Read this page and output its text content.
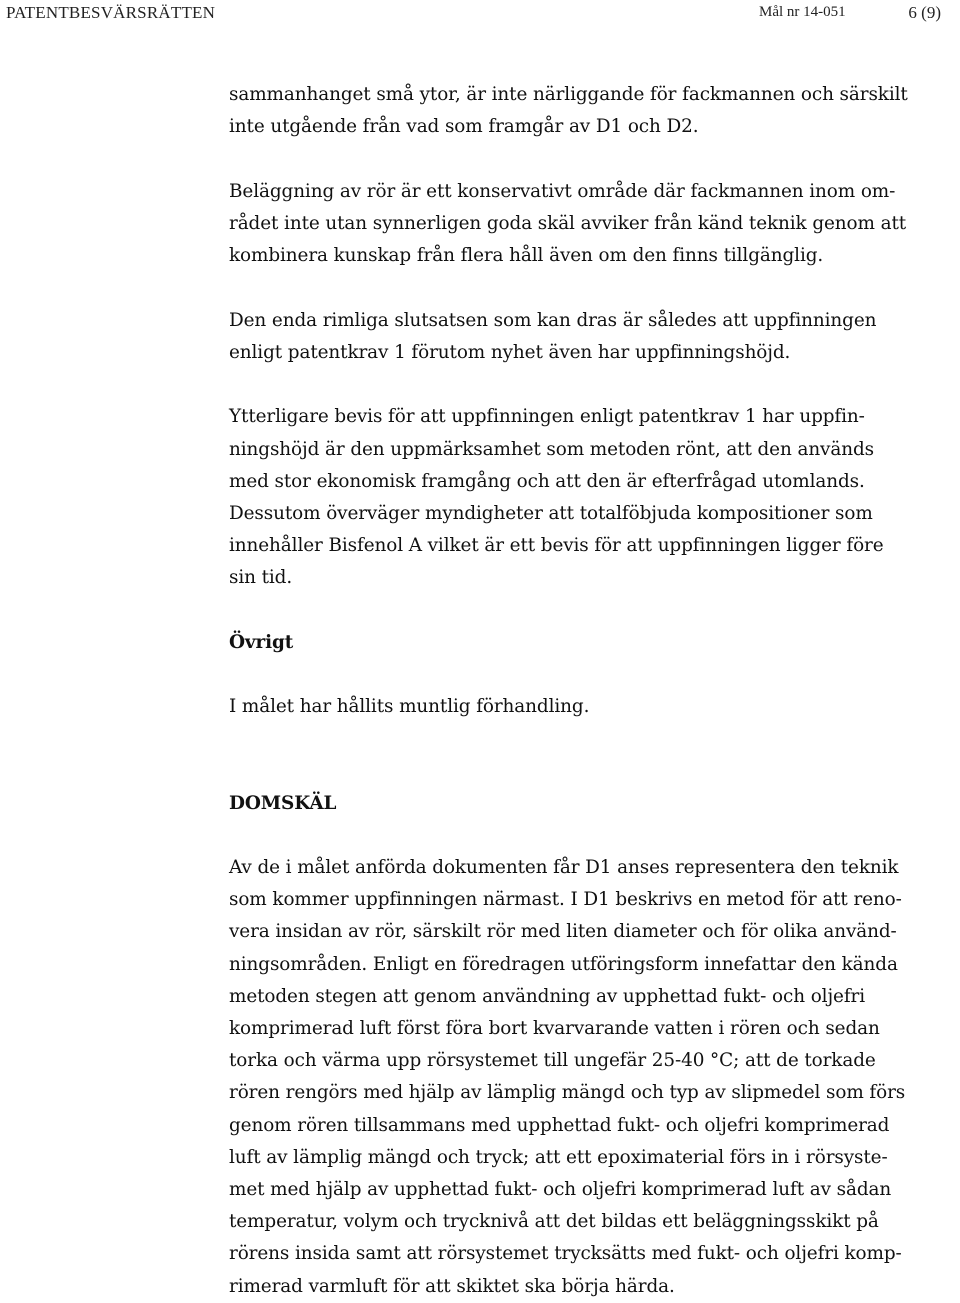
PATENTBESVÄRSRÄTTEN	Mål nr 14-051	6 (9)

sammanhanget små ytor, är inte närliggande för fackmannen och särskilt
inte utgående från vad som framgår av D1 och D2.

Beläggning av rör är ett konservativt område där fackmannen inom om-
rådet inte utan synnerligen goda skäl avviker från känd teknik genom att
kombinera kunskap från flera håll även om den finns tillgänglig.

Den enda rimliga slutsatsen som kan dras är således att uppfinningen
enligt patentkrav 1 förutom nyhet även har uppfinningshöjd.

Ytterligare bevis för att uppfinningen enligt patentkrav 1 har uppfin-
ningshöjd är den uppmärksamhet som metoden rönt, att den används
med stor ekonomisk framgång och att den är efterfrågad utomlands.
Dessutom överväger myndigheter att totalföbjuda kompositioner som
innehåller Bisfenol A vilket är ett bevis för att uppfinningen ligger före
sin tid.

Övrigt

I målet har hållits muntlig förhandling.

DOMSKÄL

Av de i målet anförda dokumenten får D1 anses representera den teknik
som kommer uppfinningen närmast. I D1 beskrivs en metod för att reno-
vera insidan av rör, särskilt rör med liten diameter och för olika använd-
ningsområden. Enligt en föredragen utföringsform innefattar den kända
metoden stegen att genom användning av upphettad fukt- och oljefri
komprimerad luft först föra bort kvarvarande vatten i rören och sedan
torka och värma upp rörsystemet till ungefär 25-40 °C; att de torkade
rören rengörs med hjälp av lämplig mängd och typ av slipmedel som förs
genom rören tillsammans med upphettad fukt- och oljefri komprimerad
luft av lämplig mängd och tryck; att ett epoximaterial förs in i rörsyste-
met med hjälp av upphettad fukt- och oljefri komprimerad luft av sådan
temperatur, volym och trycknivå att det bildas ett beläggningsskikt på
rörens insida samt att rörsystemet trycksätts med fukt- och oljefri komp-
rimerad varmluft för att skiktet ska börja härda.
